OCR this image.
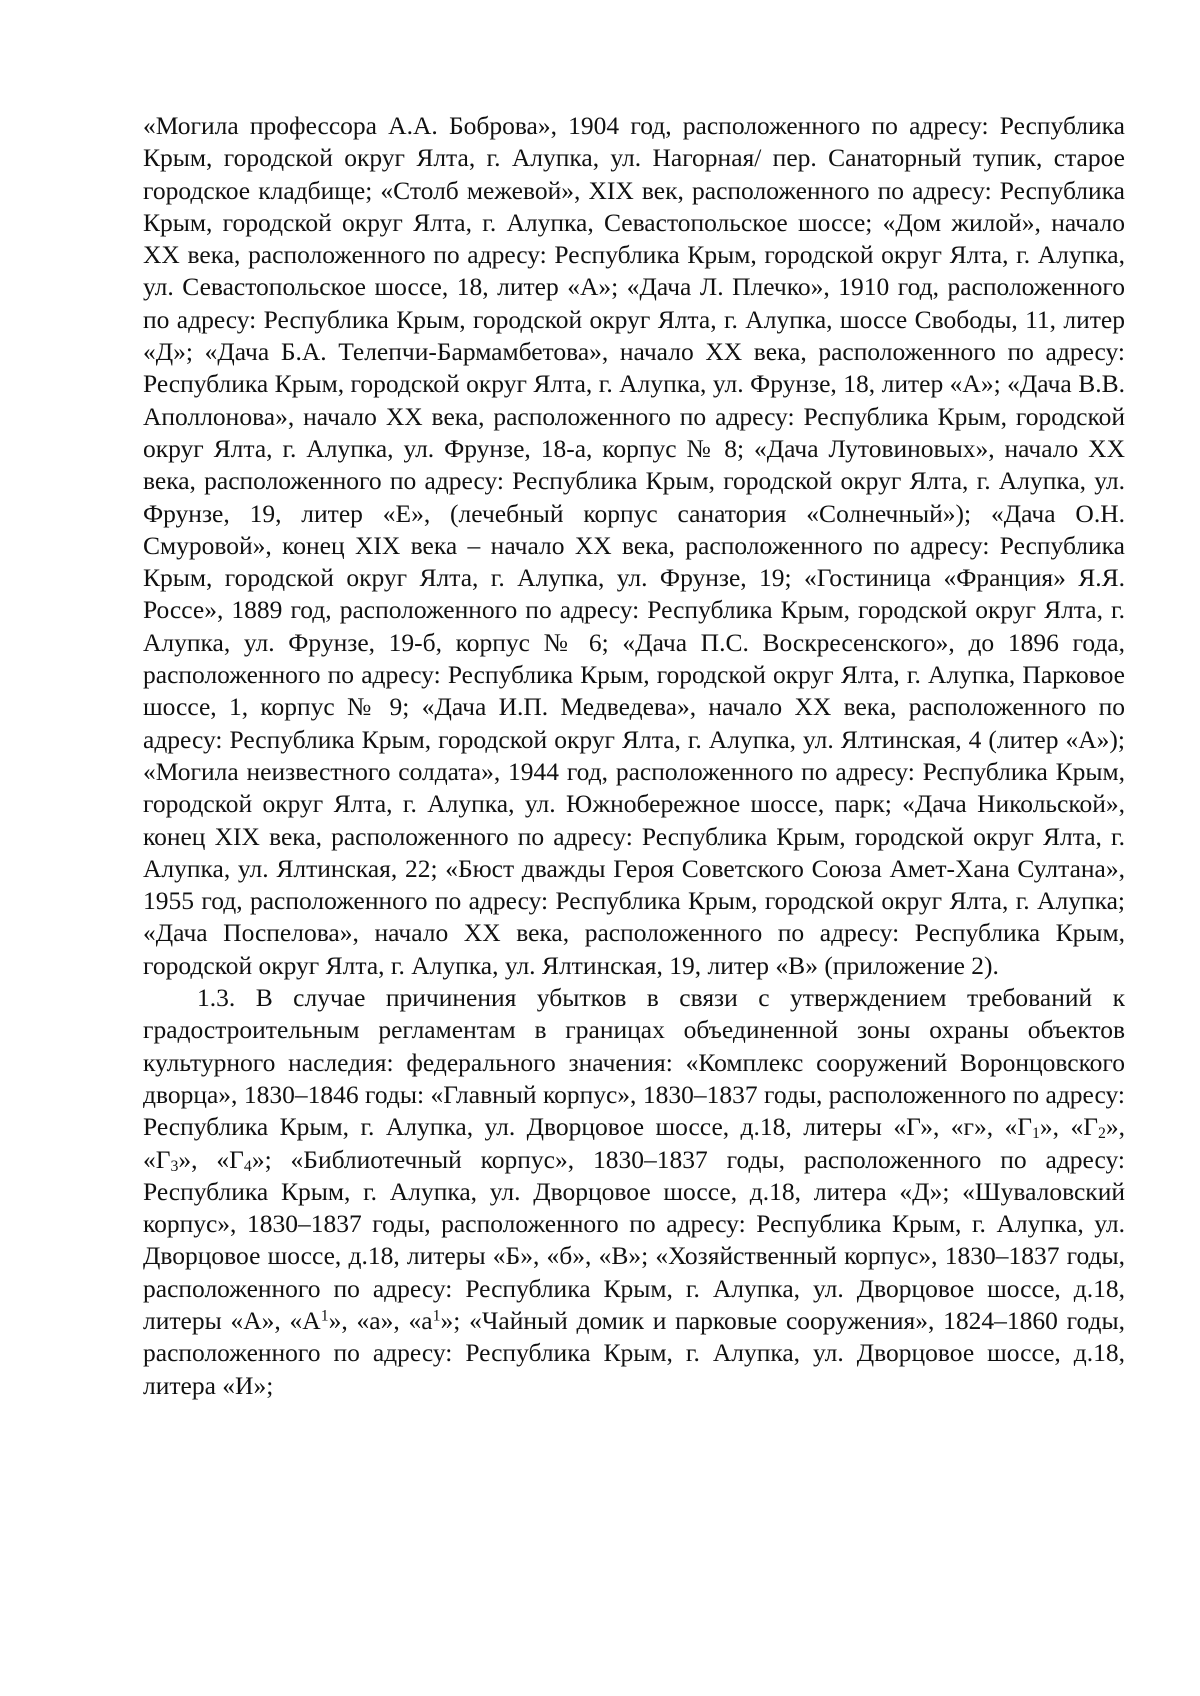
«Могила профессора А.А. Боброва», 1904 год, расположенного по адресу: Республика Крым, городской округ Ялта, г. Алупка, ул. Нагорная/ пер. Санаторный тупик, старое городское кладбище; «Столб межевой», XIX век, расположенного по адресу: Республика Крым, городской округ Ялта, г. Алупка, Севастопольское шоссе; «Дом жилой», начало XX века, расположенного по адресу: Республика Крым, городской округ Ялта, г. Алупка, ул. Севастопольское шоссе, 18, литер «А»; «Дача Л. Плечко», 1910 год, расположенного по адресу: Республика Крым, городской округ Ялта, г. Алупка, шоссе Свободы, 11, литер «Д»; «Дача Б.А. Телепчи-Бармамбетова», начало XX века, расположенного по адресу: Республика Крым, городской округ Ялта, г. Алупка, ул. Фрунзе, 18, литер «А»; «Дача В.В. Аполлонова», начало XX века, расположенного по адресу: Республика Крым, городской округ Ялта, г. Алупка, ул. Фрунзе, 18-а, корпус № 8; «Дача Лутовиновых», начало XX века, расположенного по адресу: Республика Крым, городской округ Ялта, г. Алупка, ул. Фрунзе, 19, литер «Е», (лечебный корпус санатория «Солнечный»); «Дача О.Н. Смуровой», конец XIX века – начало XX века, расположенного по адресу: Республика Крым, городской округ Ялта, г. Алупка, ул. Фрунзе, 19; «Гостиница «Франция» Я.Я. Россе», 1889 год, расположенного по адресу: Республика Крым, городской округ Ялта, г. Алупка, ул. Фрунзе, 19-б, корпус № 6; «Дача П.С. Воскресенского», до 1896 года, расположенного по адресу: Республика Крым, городской округ Ялта, г. Алупка, Парковое шоссе, 1, корпус № 9; «Дача И.П. Медведева», начало XX века, расположенного по адресу: Республика Крым, городской округ Ялта, г. Алупка, ул. Ялтинская, 4 (литер «А»); «Могила неизвестного солдата», 1944 год, расположенного по адресу: Республика Крым, городской округ Ялта, г. Алупка, ул. Южнобережное шоссе, парк; «Дача Никольской», конец XIX века, расположенного по адресу: Республика Крым, городской округ Ялта, г. Алупка, ул. Ялтинская, 22; «Бюст дважды Героя Советского Союза Амет-Хана Султана», 1955 год, расположенного по адресу: Республика Крым, городской округ Ялта, г. Алупка; «Дача Поспелова», начало XX века, расположенного по адресу: Республика Крым, городской округ Ялта, г. Алупка, ул. Ялтинская, 19, литер «В» (приложение 2).

1.3. В случае причинения убытков в связи с утверждением требований к градостроительным регламентам в границах объединенной зоны охраны объектов культурного наследия: федерального значения: «Комплекс сооружений Воронцовского дворца», 1830–1846 годы: «Главный корпус», 1830–1837 годы, расположенного по адресу: Республика Крым, г. Алупка, ул. Дворцовое шоссе, д.18, литеры «Г», «г», «$Г_1$», «$Г_2$», «$Г_3$», «$Г_4$»; «Библиотечный корпус», 1830–1837 годы, расположенного по адресу: Республика Крым, г. Алупка, ул. Дворцовое шоссе, д.18, литера «Д»; «Шуваловский корпус», 1830–1837 годы, расположенного по адресу: Республика Крым, г. Алупка, ул. Дворцовое шоссе, д.18, литеры «Б», «б», «В»; «Хозяйственный корпус», 1830–1837 годы, расположенного по адресу: Республика Крым, г. Алупка, ул. Дворцовое шоссе, д.18, литеры «А», «$А^1$», «а», «$а^1$»; «Чайный домик и парковые сооружения», 1824–1860 годы, расположенного по адресу: Республика Крым, г. Алупка, ул. Дворцовое шоссе, д.18, литера «И»;
